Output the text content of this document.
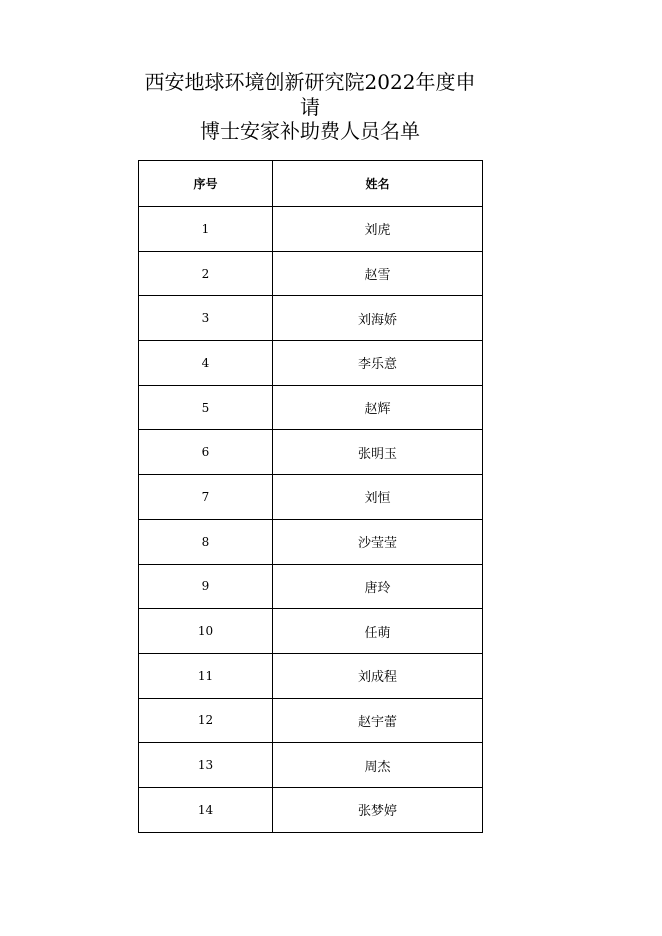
西安地球环境创新研究院2022年度申
请
博士安家补助费人员名单
序号	姓名
1	刘虎
2	赵雪
3	刘海娇
4	李乐意
5	赵辉
6	张明玉
7	刘恒
8	沙莹莹
9	唐玲
10	任萌
11	刘成程
12	赵宇蕾
13	周杰
14	张梦婷
